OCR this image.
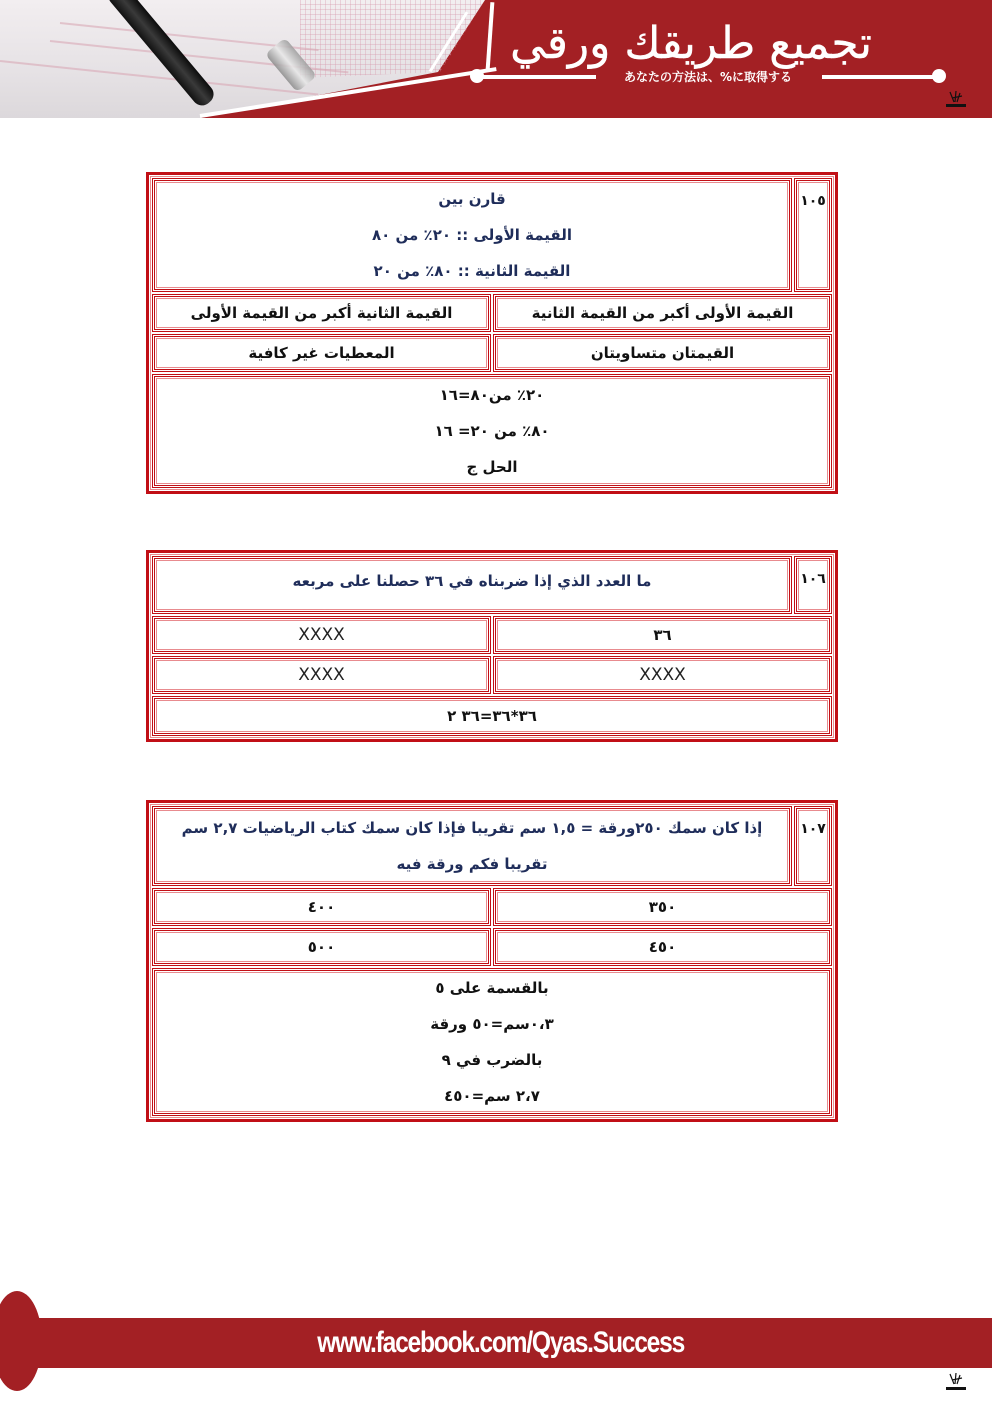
تجميع طريقك ورقي
あなたの方法は、%に取得する
١٠٥
قارن بين
القيمة الأولى :: ٢٠٪ من ٨٠
القيمة الثانية :: ٨٠٪ من ٢٠
القيمة الأولى أكبر من القيمة الثانية
القيمة الثانية أكبر من القيمة الأولى
القيمتان متساويتان
المعطيات غير كافية
٢٠٪ من٨٠=١٦
٨٠٪ من ٢٠= ١٦
الحل ج
١٠٦
ما العدد الذي إذا ضربناه في ٣٦ حصلنا على مربعه
٣٦
XXXX
XXXX
XXXX
٣٦*٣٦=٣٦ ٢
١٠٧
إذا كان سمك ٢٥٠ورقة = ١,٥ سم تقريبا فإذا كان سمك كتاب الرياضيات ٢,٧ سم
تقريبا فكم ورقة فيه
٣٥٠
٤٠٠
٤٥٠
٥٠٠
بالقسمة على ٥
٠،٣سم=٥٠ ورقة
بالضرب في ٩
٢،٧ سم=٤٥٠
www.facebook.com/Qyas.Success
